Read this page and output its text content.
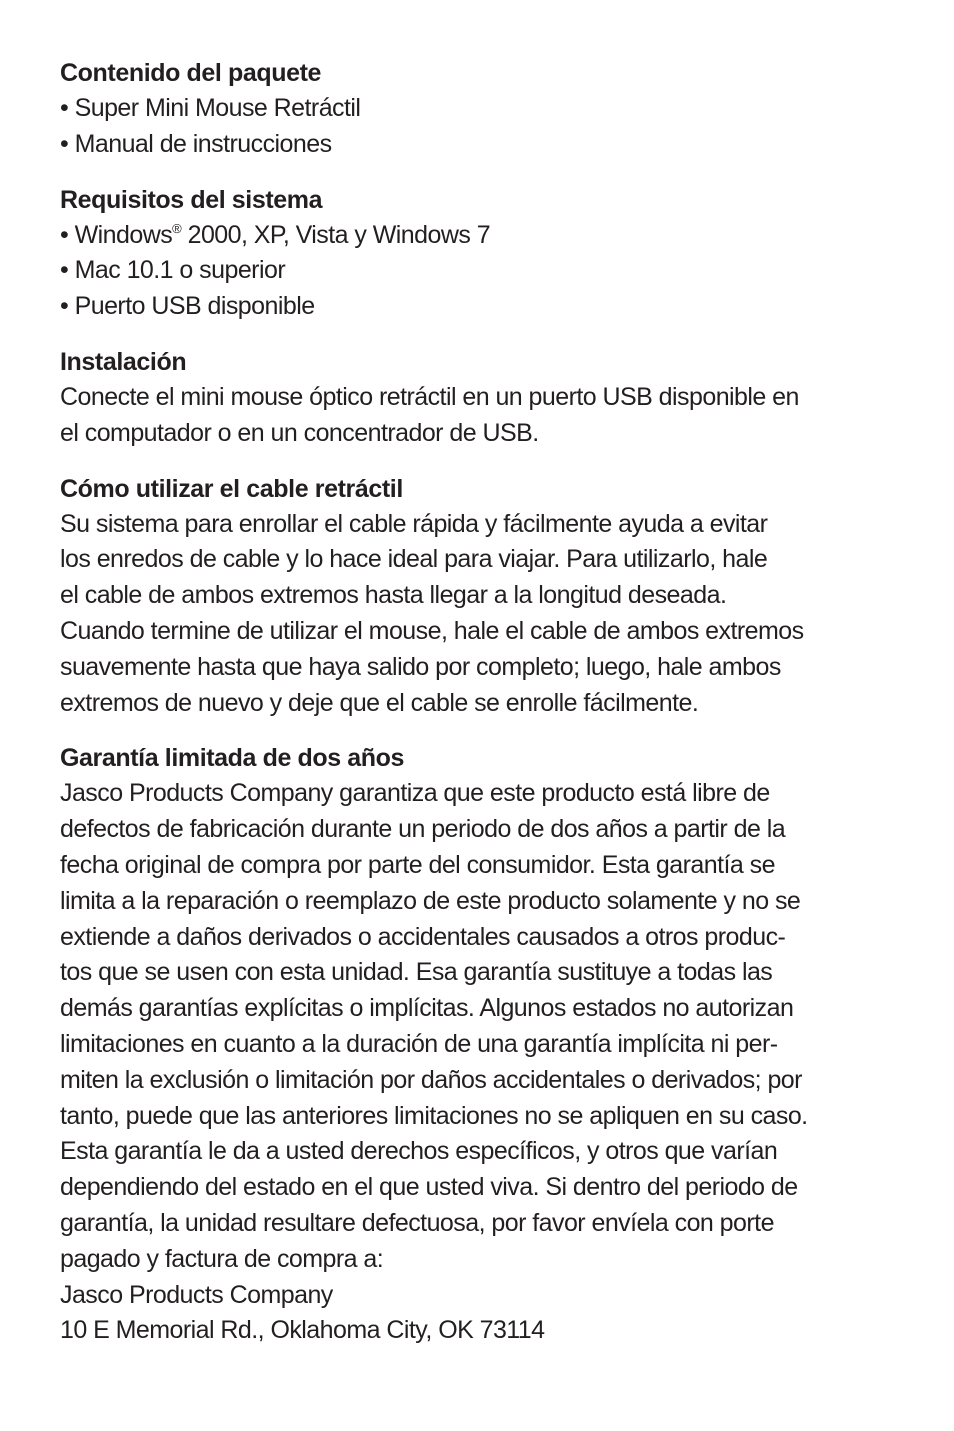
Contenido del paquete

• Super Mini Mouse Retráctil

• Manual de instrucciones

Requisitos del sistema

• Windows® 2000, XP, Vista y Windows 7

• Mac 10.1 o superior

• Puerto USB disponible

Instalación

Conecte el mini mouse óptico retráctil en un puerto USB disponible en

el computador o en un concentrador de USB.

Cómo utilizar el cable retráctil

Su sistema para enrollar el cable rápida y fácilmente ayuda a evitar

los enredos de cable y lo hace ideal para viajar. Para utilizarlo, hale

el cable de ambos extremos hasta llegar a la longitud deseada.

Cuando termine de utilizar el mouse, hale el cable de ambos extremos

suavemente hasta que haya salido por completo; luego, hale ambos

extremos de nuevo y deje que el cable se enrolle fácilmente.

Garantía limitada de dos años

Jasco Products Company garantiza que este producto está libre de

defectos de fabricación durante un periodo de dos años a partir de la

fecha original de compra por parte del consumidor. Esta garantía se

limita a la reparación o reemplazo de este producto solamente y no se

extiende a daños derivados o accidentales causados a otros produc-

tos que se usen con esta unidad. Esa garantía sustituye a todas las

demás garantías explícitas o implícitas. Algunos estados no autorizan

limitaciones en cuanto a la duración de una garantía implícita ni per-

miten la exclusión o limitación por daños accidentales o derivados; por

tanto, puede que las anteriores limitaciones no se apliquen en su caso.

Esta garantía le da a usted derechos específicos, y otros que varían

dependiendo del estado en el que usted viva. Si dentro del periodo de

garantía, la unidad resultare defectuosa, por favor envíela con porte

pagado y factura de compra a:

Jasco Products Company

10 E Memorial Rd., Oklahoma City, OK 73114
